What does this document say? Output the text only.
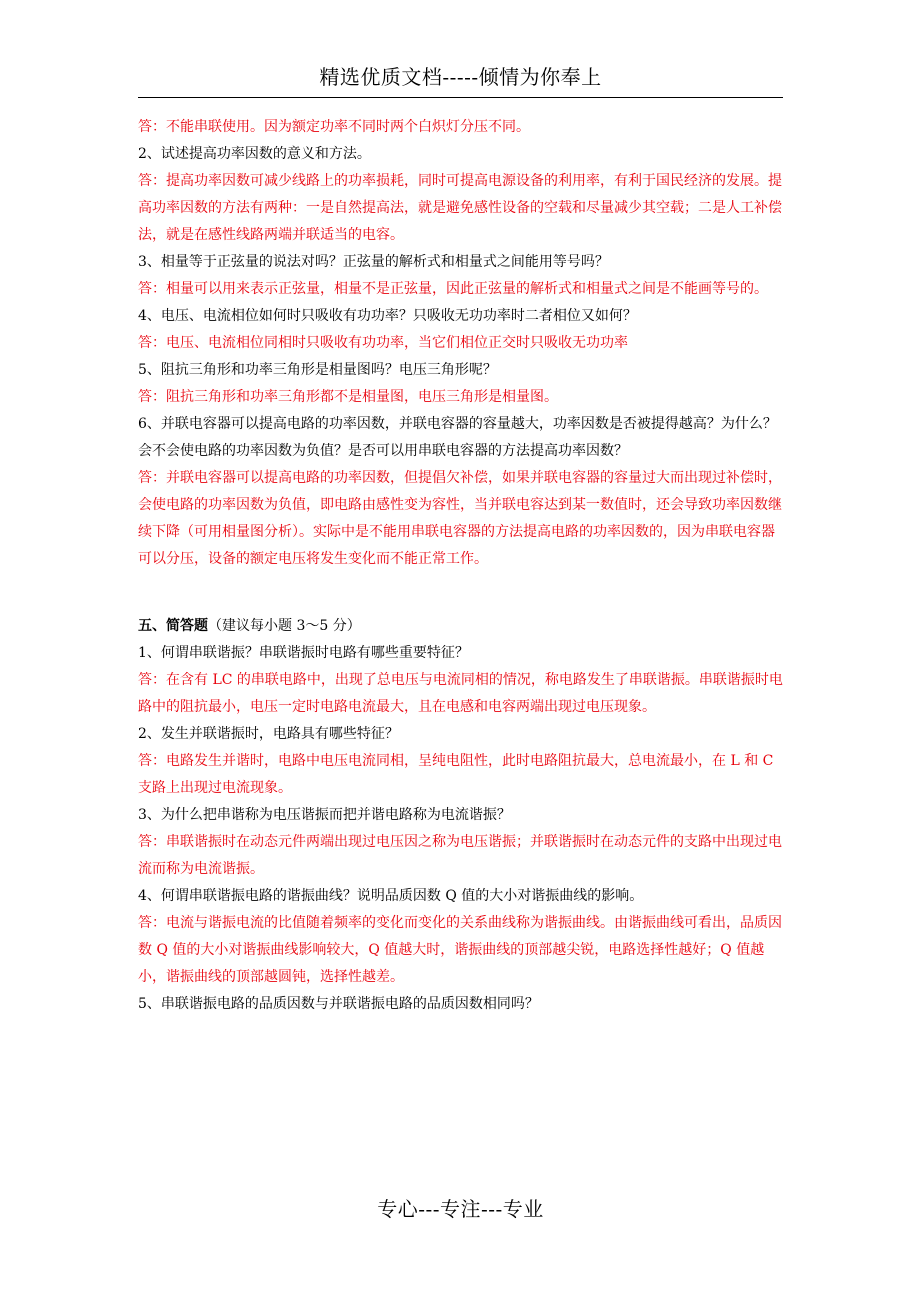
精选优质文档-----倾情为你奉上

答：不能串联使用。因为额定功率不同时两个白炽灯分压不同。

2、试述提高功率因数的意义和方法。

答：提高功率因数可减少线路上的功率损耗，同时可提高电源设备的利用率，有利于国民经济的发展。提高功率因数的方法有两种：一是自然提高法，就是避免感性设备的空载和尽量减少其空载；二是人工补偿法，就是在感性线路两端并联适当的电容。

3、相量等于正弦量的说法对吗？正弦量的解析式和相量式之间能用等号吗？

答：相量可以用来表示正弦量，相量不是正弦量，因此正弦量的解析式和相量式之间是不能画等号的。

4、电压、电流相位如何时只吸收有功功率？只吸收无功功率时二者相位又如何？

答：电压、电流相位同相时只吸收有功功率，当它们相位正交时只吸收无功功率

5、阻抗三角形和功率三角形是相量图吗？电压三角形呢？

答：阻抗三角形和功率三角形都不是相量图，电压三角形是相量图。

6、并联电容器可以提高电路的功率因数，并联电容器的容量越大，功率因数是否被提得越高？为什么？会不会使电路的功率因数为负值？是否可以用串联电容器的方法提高功率因数？

答：并联电容器可以提高电路的功率因数，但提倡欠补偿，如果并联电容器的容量过大而出现过补偿时，会使电路的功率因数为负值，即电路由感性变为容性，当并联电容达到某一数值时，还会导致功率因数继续下降（可用相量图分析）。实际中是不能用串联电容器的方法提高电路的功率因数的，因为串联电容器可以分压，设备的额定电压将发生变化而不能正常工作。

五、简答题（建议每小题 3～5 分）

1、何谓串联谐振？串联谐振时电路有哪些重要特征？

答：在含有 LC 的串联电路中，出现了总电压与电流同相的情况，称电路发生了串联谐振。串联谐振时电路中的阻抗最小，电压一定时电路电流最大，且在电感和电容两端出现过电压现象。

2、发生并联谐振时，电路具有哪些特征？

答：电路发生并谐时，电路中电压电流同相，呈纯电阻性，此时电路阻抗最大，总电流最小，在 L 和 C 支路上出现过电流现象。

3、为什么把串谐称为电压谐振而把并谐电路称为电流谐振？

答：串联谐振时在动态元件两端出现过电压因之称为电压谐振；并联谐振时在动态元件的支路中出现过电流而称为电流谐振。

4、何谓串联谐振电路的谐振曲线？说明品质因数 Q 值的大小对谐振曲线的影响。

答：电流与谐振电流的比值随着频率的变化而变化的关系曲线称为谐振曲线。由谐振曲线可看出，品质因数 Q 值的大小对谐振曲线影响较大，Q 值越大时，谐振曲线的顶部越尖锐，电路选择性越好；Q 值越小，谐振曲线的顶部越圆钝，选择性越差。

5、串联谐振电路的品质因数与并联谐振电路的品质因数相同吗？

专心---专注---专业
